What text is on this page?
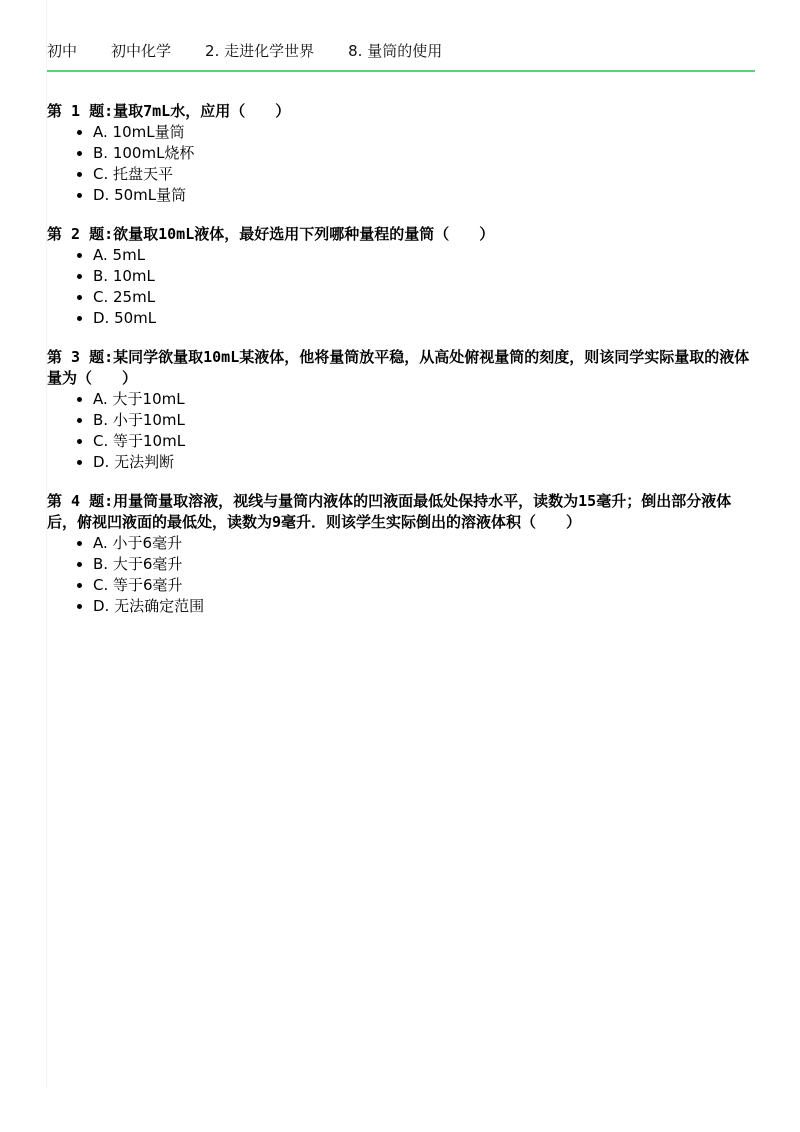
初中 初中化学 2. 走进化学世界 8. 量筒的使用

第 1 题:量取7mL水，应用（　　）

• A. 10mL量筒
• B. 100mL烧杯
• C. 托盘天平
• D. 50mL量筒

第 2 题:欲量取10mL液体，最好选用下列哪种量程的量筒（　　）

• A. 5mL
• B. 10mL
• C. 25mL
• D. 50mL

第 3 题:某同学欲量取10mL某液体，他将量筒放平稳，从高处俯视量筒的刻度，则该同学实际量取的液体量为（　　）

• A. 大于10mL
• B. 小于10mL
• C. 等于10mL
• D. 无法判断

第 4 题:用量筒量取溶液，视线与量筒内液体的凹液面最低处保持水平，读数为15毫升；倒出部分液体后，俯视凹液面的最低处，读数为9毫升．则该学生实际倒出的溶液体积（　　）

• A. 小于6毫升
• B. 大于6毫升
• C. 等于6毫升
• D. 无法确定范围
